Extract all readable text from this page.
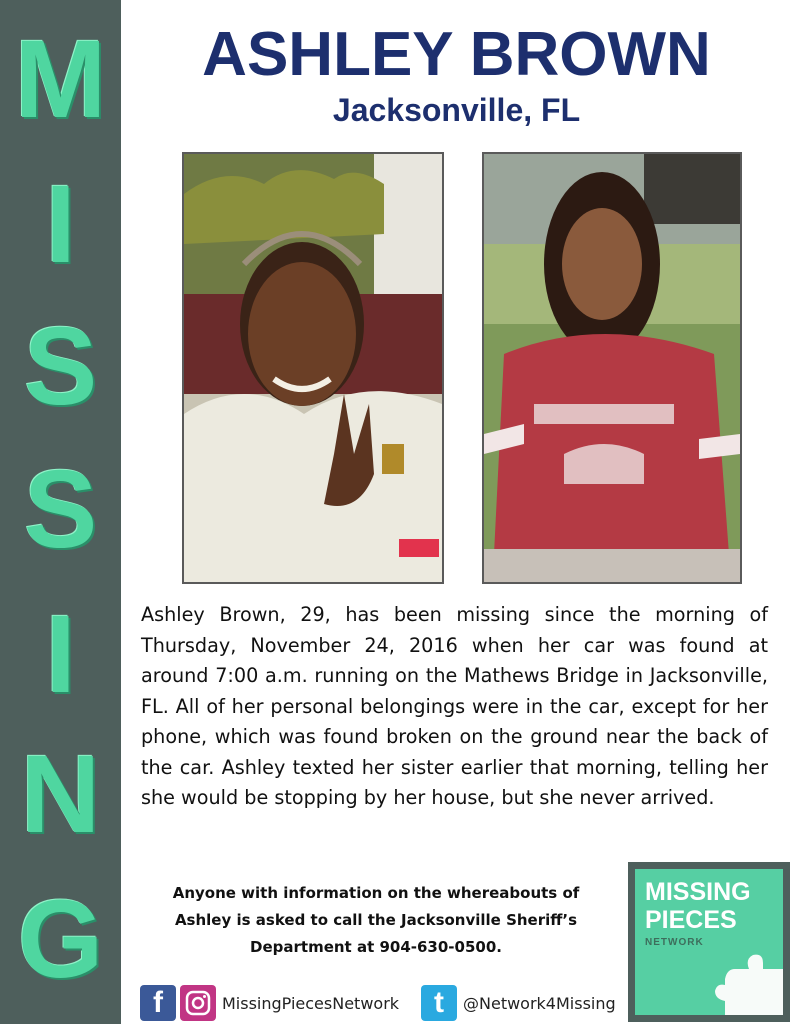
M
I
S
S
I
N
G
ASHLEY BROWN
Jacksonville, FL

Ashley Brown, 29, has been missing since the morning of Thursday, November 24, 2016 when her car was found at around 7:00 a.m. running on the Mathews Bridge in Jacksonville, FL. All of her personal belongings were in the car, except for her phone, which was found broken on the ground near the back of the car. Ashley texted her sister earlier that morning, telling her she would be stopping by her house, but she never arrived.

Anyone with information on the whereabouts of
Ashley is asked to call the Jacksonville Sheriff’s
Department at 904-630-0500.
f	MissingPiecesNetwork	t	@Network4Missing
MISSING
PIECES
NETWORK
